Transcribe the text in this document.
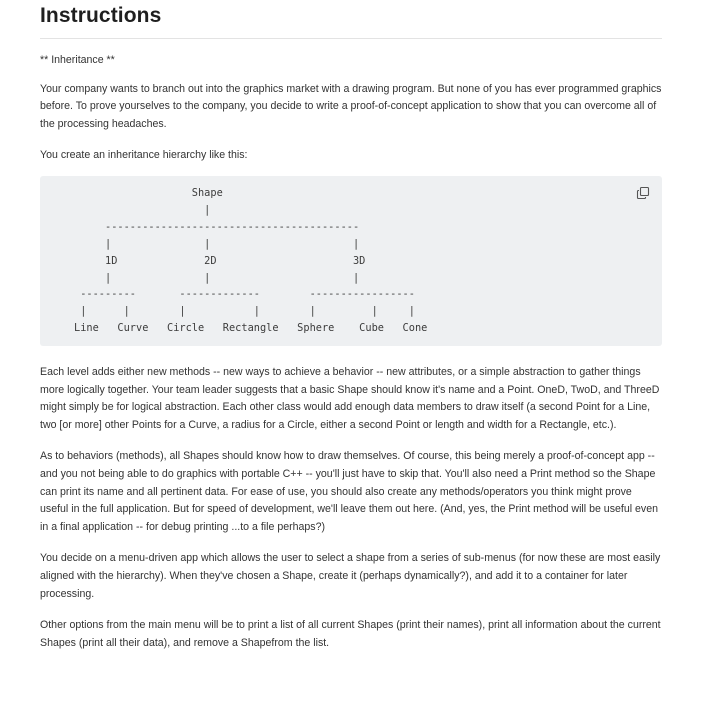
Instructions

** Inheritance **

Your company wants to branch out into the graphics market with a drawing program. But none of you has ever programmed graphics before. To prove yourselves to the company, you decide to write a proof-of-concept application to show that you can overcome all of the processing headaches.

You create an inheritance hierarchy like this:

Shape
|
-----------------------------------------
|               |                       |
1D              2D                      3D
|               |                       |
---------       -------------        -----------------
|      |        |           |        |         |     |
Line   Curve   Circle   Rectangle   Sphere    Cube   Cone

Each level adds either new methods -- new ways to achieve a behavior -- new attributes, or a simple abstraction to gather things more logically together. Your team leader suggests that a basic Shape should know it's name and a Point. OneD, TwoD, and ThreeD might simply be for logical abstraction. Each other class would add enough data members to draw itself (a second Point for a Line, two [or more] other Points for a Curve, a radius for a Circle, either a second Point or length and width for a Rectangle, etc.).

As to behaviors (methods), all Shapes should know how to draw themselves. Of course, this being merely a proof-of-concept app -- and you not being able to do graphics with portable C++ -- you'll just have to skip that. You'll also need a Print method so the Shape can print its name and all pertinent data. For ease of use, you should also create any methods/operators you think might prove useful in the full application. But for speed of development, we'll leave them out here. (And, yes, the Print method will be useful even in a final application -- for debug printing ...to a file perhaps?)

You decide on a menu-driven app which allows the user to select a shape from a series of sub-menus (for now these are most easily aligned with the hierarchy). When they've chosen a Shape, create it (perhaps dynamically?), and add it to a container for later processing.

Other options from the main menu will be to print a list of all current Shapes (print their names), print all information about the current Shapes (print all their data), and remove a Shapefrom the list.
